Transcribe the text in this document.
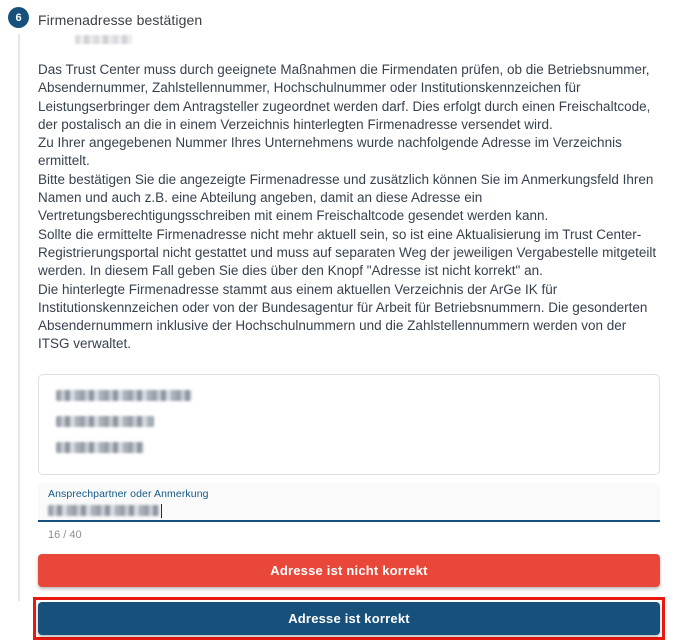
6 Firmenadresse bestätigen
Das Trust Center muss durch geeignete Maßnahmen die Firmendaten prüfen, ob die Betriebsnummer, Absendernummer, Zahlstellennummer, Hochschulnummer oder Institutionskennzeichen für Leistungserbringer dem Antragsteller zugeordnet werden darf. Dies erfolgt durch einen Freischaltcode, der postalisch an die in einem Verzeichnis hinterlegten Firmenadresse versendet wird.
Zu Ihrer angegebenen Nummer Ihres Unternehmens wurde nachfolgende Adresse im Verzeichnis ermittelt.
Bitte bestätigen Sie die angezeigte Firmenadresse und zusätzlich können Sie im Anmerkungsfeld Ihren Namen und auch z.B. eine Abteilung angeben, damit an diese Adresse ein Vertretungsberechtigungsschreiben mit einem Freischaltcode gesendet werden kann.
Sollte die ermittelte Firmenadresse nicht mehr aktuell sein, so ist eine Aktualisierung im Trust Center-Registrierungsportal nicht gestattet und muss auf separaten Weg der jeweiligen Vergabestelle mitgeteilt werden. In diesem Fall geben Sie dies über den Knopf "Adresse ist nicht korrekt" an.
Die hinterlegte Firmenadresse stammt aus einem aktuellen Verzeichnis der ArGe IK für Institutionskennzeichen oder von der Bundesagentur für Arbeit für Betriebsnummern. Die gesonderten Absendernummern inklusive der Hochschulnummern und die Zahlstellennummern werden von der ITSG verwaltet.
Ansprechpartner oder Anmerkung
16 / 40
Adresse ist nicht korrekt
Adresse ist korrekt
